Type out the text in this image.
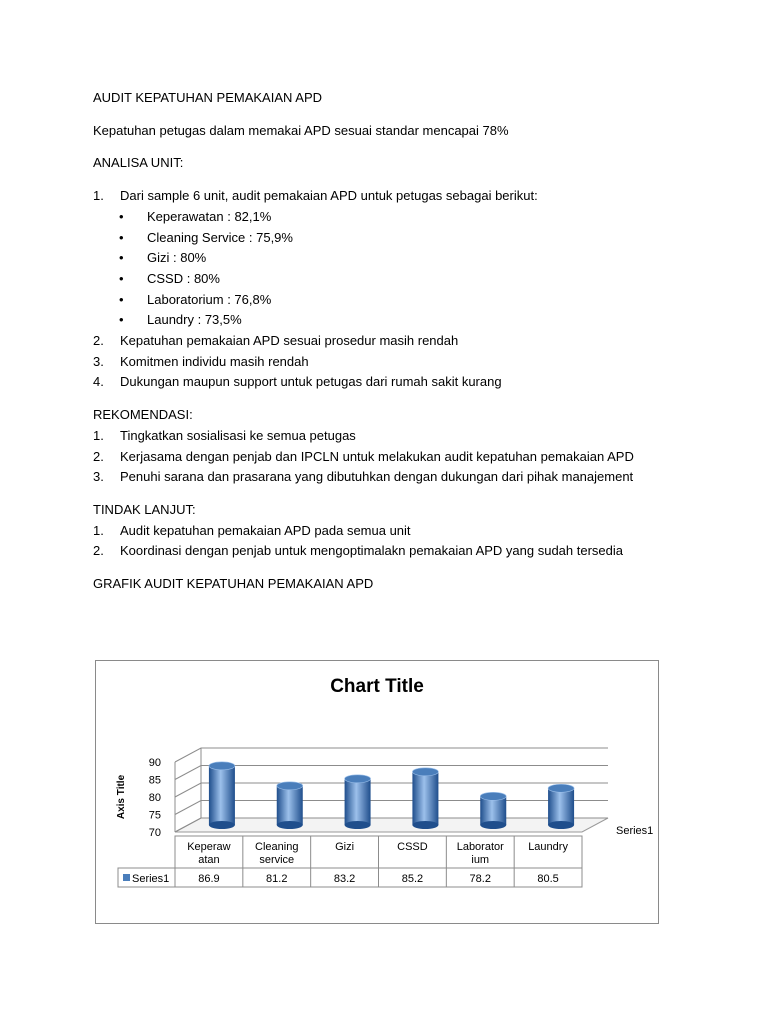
AUDIT KEPATUHAN PEMAKAIAN APD
Kepatuhan petugas dalam memakai APD sesuai standar mencapai 78%
ANALISA UNIT:
1. Dari sample 6 unit, audit pemakaian APD untuk petugas sebagai berikut:
• Keperawatan : 82,1%
• Cleaning Service : 75,9%
• Gizi : 80%
• CSSD : 80%
• Laboratorium : 76,8%
• Laundry : 73,5%
2. Kepatuhan pemakaian APD sesuai prosedur masih rendah
3. Komitmen individu masih rendah
4. Dukungan maupun support untuk petugas dari rumah sakit kurang
REKOMENDASI:
1. Tingkatkan sosialisasi ke semua petugas
2. Kerjasama dengan penjab dan IPCLN untuk melakukan audit kepatuhan pemakaian APD
3. Penuhi sarana dan prasarana yang dibutuhkan dengan dukungan dari pihak manajement
TINDAK LANJUT:
1. Audit kepatuhan pemakaian APD pada semua unit
2. Koordinasi dengan penjab untuk mengoptimalakn pemakaian APD yang sudah tersedia
GRAFIK AUDIT KEPATUHAN PEMAKAIAN APD
Chart Title
70
75
80
85
90
Axis Title
Series1
Series1
Keperaw
atan
86.9
Cleaning
service
81.2
Gizi
83.2
CSSD
85.2
Laborator
ium
78.2
Laundry
80.5
